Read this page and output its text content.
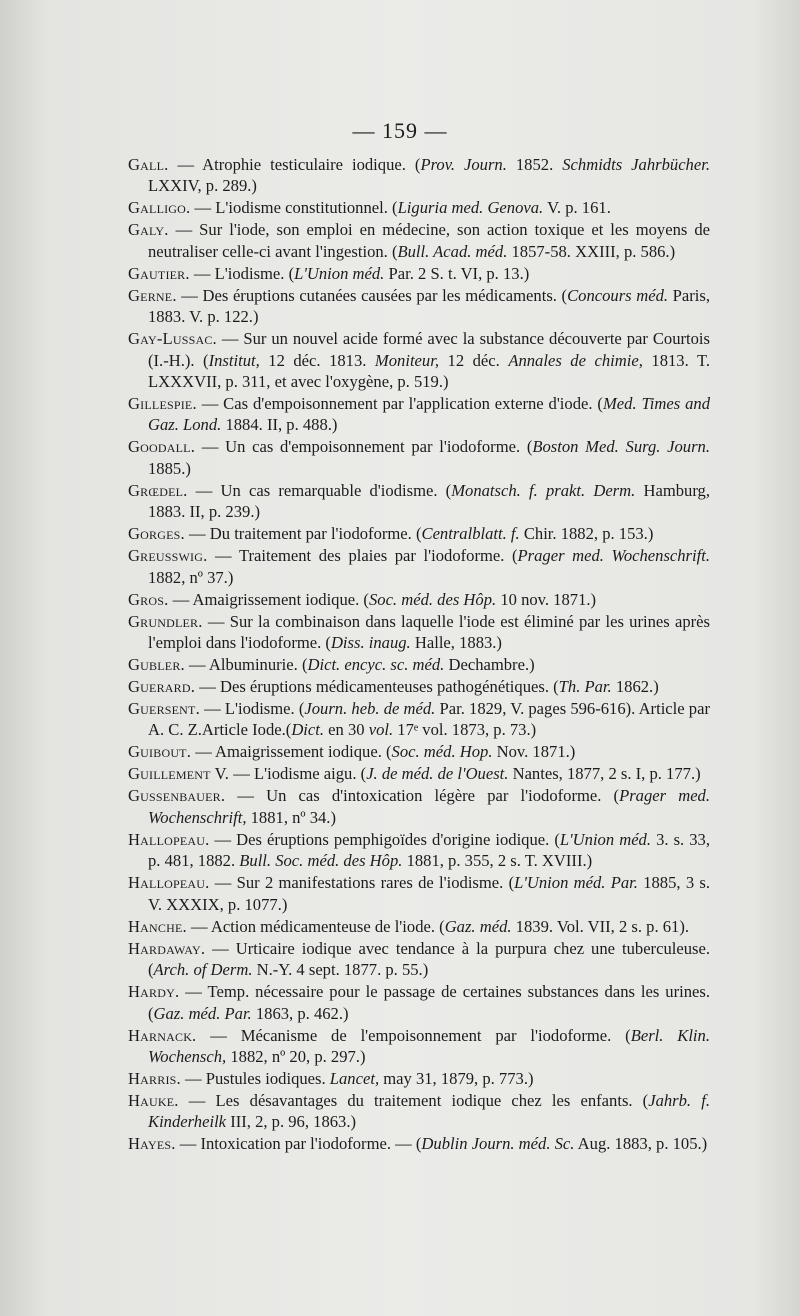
— 159 —

Gall. — Atrophie testiculaire iodique. (Prov. Journ. 1852. Schmidts Jahrbücher. LXXIV, p. 289.)

Galligo. — L'iodisme constitutionnel. (Liguria med. Genova. V. p. 161.

Galy. — Sur l'iode, son emploi en médecine, son action toxique et les moyens de neutraliser celle-ci avant l'ingestion. (Bull. Acad. méd. 1857-58. XXIII, p. 586.)

Gautier. — L'iodisme. (L'Union méd. Par. 2 S. t. VI, p. 13.)

Gerne. — Des éruptions cutanées causées par les médicaments. (Concours méd. Paris, 1883. V. p. 122.)

Gay-Lussac. — Sur un nouvel acide formé avec la substance découverte par Courtois (I.-H.). (Institut, 12 déc. 1813. Moniteur, 12 déc. Annales de chimie, 1813. T. LXXXVII, p. 311, et avec l'oxygène, p. 519.)

Gillespie. — Cas d'empoisonnement par l'application externe d'iode. (Med. Times and Gaz. Lond. 1884. II, p. 488.)

Goodall. — Un cas d'empoisonnement par l'iodoforme. (Boston Med. Surg. Journ. 1885.)

Grœdel. — Un cas remarquable d'iodisme. (Monatsch. f. prakt. Derm. Hamburg, 1883. II, p. 239.)

Gorges. — Du traitement par l'iodoforme. (Centralblatt. f. Chir. 1882, p. 153.)

Greusswig. — Traitement des plaies par l'iodoforme. (Prager med. Wochenschrift. 1882, nº 37.)

Gros. — Amaigrissement iodique. (Soc. méd. des Hôp. 10 nov. 1871.)

Grundler. — Sur la combinaison dans laquelle l'iode est éliminé par les urines après l'emploi dans l'iodoforme. (Diss. inaug. Halle, 1883.)

Gubler. — Albuminurie. (Dict. encyc. sc. méd. Dechambre.)

Guerard. — Des éruptions médicamenteuses pathogénétiques. (Th. Par. 1862.)

Guersent. — L'iodisme. (Journ. heb. de méd. Par. 1829, V. pages 596-616). Article par A. C. Z.Article Iode.(Dict. en 30 vol. 17ᵉ vol. 1873, p. 73.)

Guibout. — Amaigrissement iodique. (Soc. méd. Hop. Nov. 1871.)

Guillement V. — L'iodisme aigu. (J. de méd. de l'Ouest. Nantes, 1877, 2 s. I, p. 177.)

Gussenbauer. — Un cas d'intoxication légère par l'iodoforme. (Prager med. Wochenschrift, 1881, nº 34.)

Hallopeau. — Des éruptions pemphigoïdes d'origine iodique. (L'Union méd. 3. s. 33, p. 481, 1882. Bull. Soc. méd. des Hôp. 1881, p. 355, 2 s. T. XVIII.)

Hallopeau. — Sur 2 manifestations rares de l'iodisme. (L'Union méd. Par. 1885, 3 s. V. XXXIX, p. 1077.)

Hanche. — Action médicamenteuse de l'iode. (Gaz. méd. 1839. Vol. VII, 2 s. p. 61).

Hardaway. — Urticaire iodique avec tendance à la purpura chez une tuberculeuse. (Arch. of Derm. N.-Y. 4 sept. 1877. p. 55.)

Hardy. — Temp. nécessaire pour le passage de certaines substances dans les urines. (Gaz. méd. Par. 1863, p. 462.)

Harnack. — Mécanisme de l'empoisonnement par l'iodoforme. (Berl. Klin. Wochensch, 1882, nº 20, p. 297.)

Harris. — Pustules iodiques. Lancet, may 31, 1879, p. 773.)

Hauke. — Les désavantages du traitement iodique chez les enfants. (Jahrb. f. Kinderheilk III, 2, p. 96, 1863.)

Hayes. — Intoxication par l'iodoforme. — (Dublin Journ. méd. Sc. Aug. 1883, p. 105.)
